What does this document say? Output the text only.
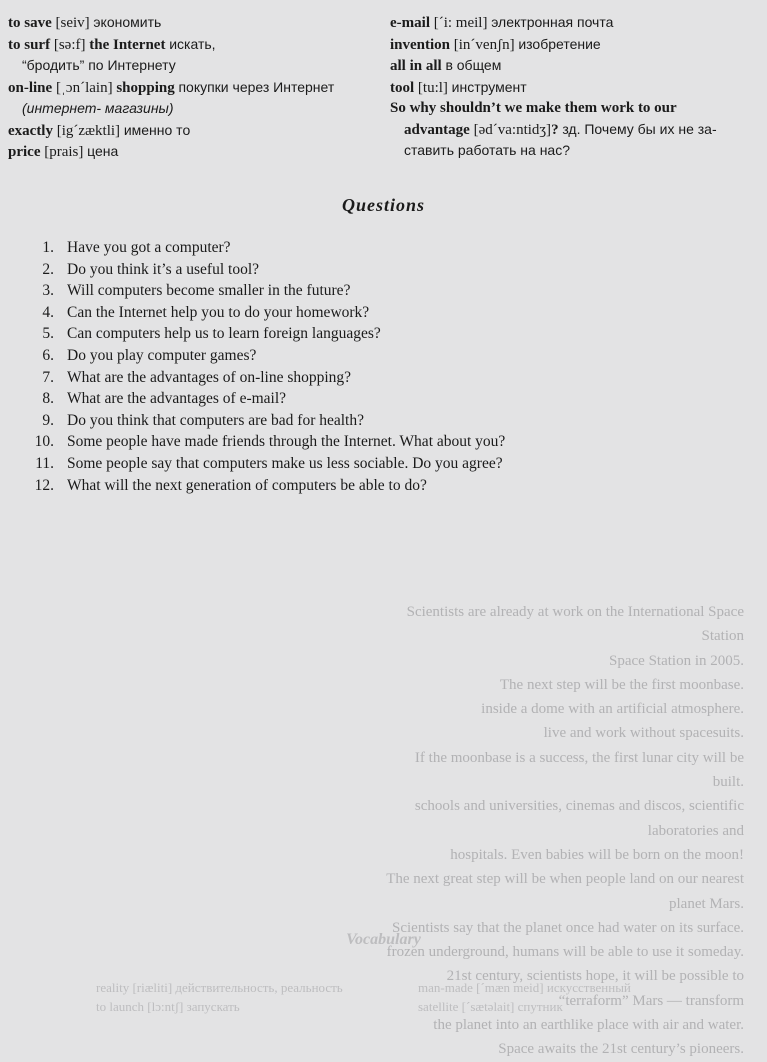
Scientists are already at work on the International Space Station

Space Station in 2005.

The next step will be the first moonbase.

inside a dome with an artificial atmosphere.

live and work without spacesuits.

If the moonbase is a success, the first lunar city will be built.

schools and universities, cinemas and discos, scientific laboratories and

hospitals. Even babies will be born on the moon!

The next great step will be when people land on our nearest planet Mars.

Scientists say that the planet once had water on its surface.

frozen underground, humans will be able to use it someday.

21st century, scientists hope, it will be possible to “terraform” Mars — transform

the planet into an earthlike place with air and water.

Space awaits the 21st century’s pioneers.

Vocabulary
reality [riæliti] действительность, реальность
to launch [lɔ:ntʃ] запускать
man-made [ˊmæn meid] искусственный
satellite [ˊsætəlait] спутник
to save [seiv] экономить
to surf [sə:f] the Internet искать,
“бродить” по Интернету
on-line [ˌɔnˊlain] shopping покупки через Интернет
(интернет- магазины)
exactly [igˊzæktli] именно то
price [prais] цена
e-mail [ˊi: meil] электронная почта
invention [inˊvenʃn] изобретение
all in all в общем
tool [tu:l] инструмент
So why shouldn’t we make them work to our
advantage [ədˊva:ntidʒ]? зд. Почему бы их не за-
ставить работать на нас?
Questions
1. Have you got a computer?
2. Do you think it’s a useful tool?
3. Will computers become smaller in the future?
4. Can the Internet help you to do your homework?
5. Can computers help us to learn foreign languages?
6. Do you play computer games?
7. What are the advantages of on-line shopping?
8. What are the advantages of e-mail?
9. Do you think that computers are bad for health?
10. Some people have made friends through the Internet. What about you?
11. Some people say that computers make us less sociable. Do you agree?
12. What will the next generation of computers be able to do?
